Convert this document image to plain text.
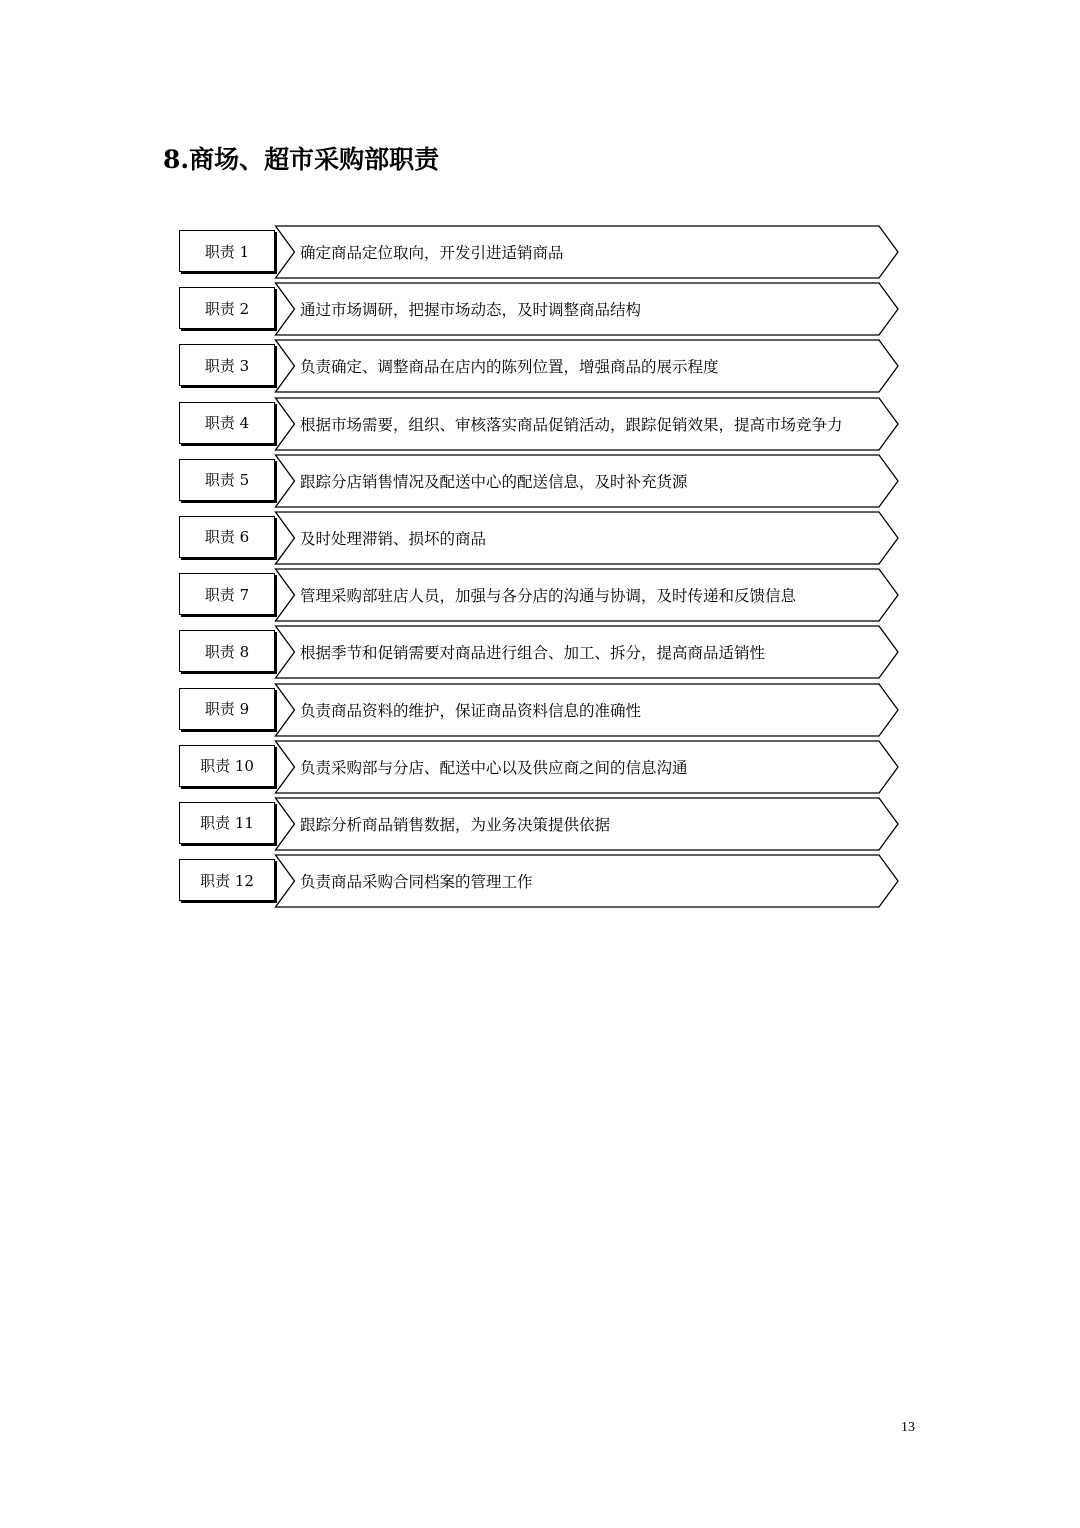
8.商场、超市采购部职责
职责 1	确定商品定位取向，开发引进适销商品
职责 2	通过市场调研，把握市场动态，及时调整商品结构
职责 3	负责确定、调整商品在店内的陈列位置，增强商品的展示程度
职责 4	根据市场需要，组织、审核落实商品促销活动，跟踪促销效果，提高市场竞争力
职责 5	跟踪分店销售情况及配送中心的配送信息，及时补充货源
职责 6	及时处理滞销、损坏的商品
职责 7	管理采购部驻店人员，加强与各分店的沟通与协调，及时传递和反馈信息
职责 8	根据季节和促销需要对商品进行组合、加工、拆分，提高商品适销性
职责 9	负责商品资料的维护，保证商品资料信息的准确性
职责 10	负责采购部与分店、配送中心以及供应商之间的信息沟通
职责 11	跟踪分析商品销售数据，为业务决策提供依据
职责 12	负责商品采购合同档案的管理工作
13
